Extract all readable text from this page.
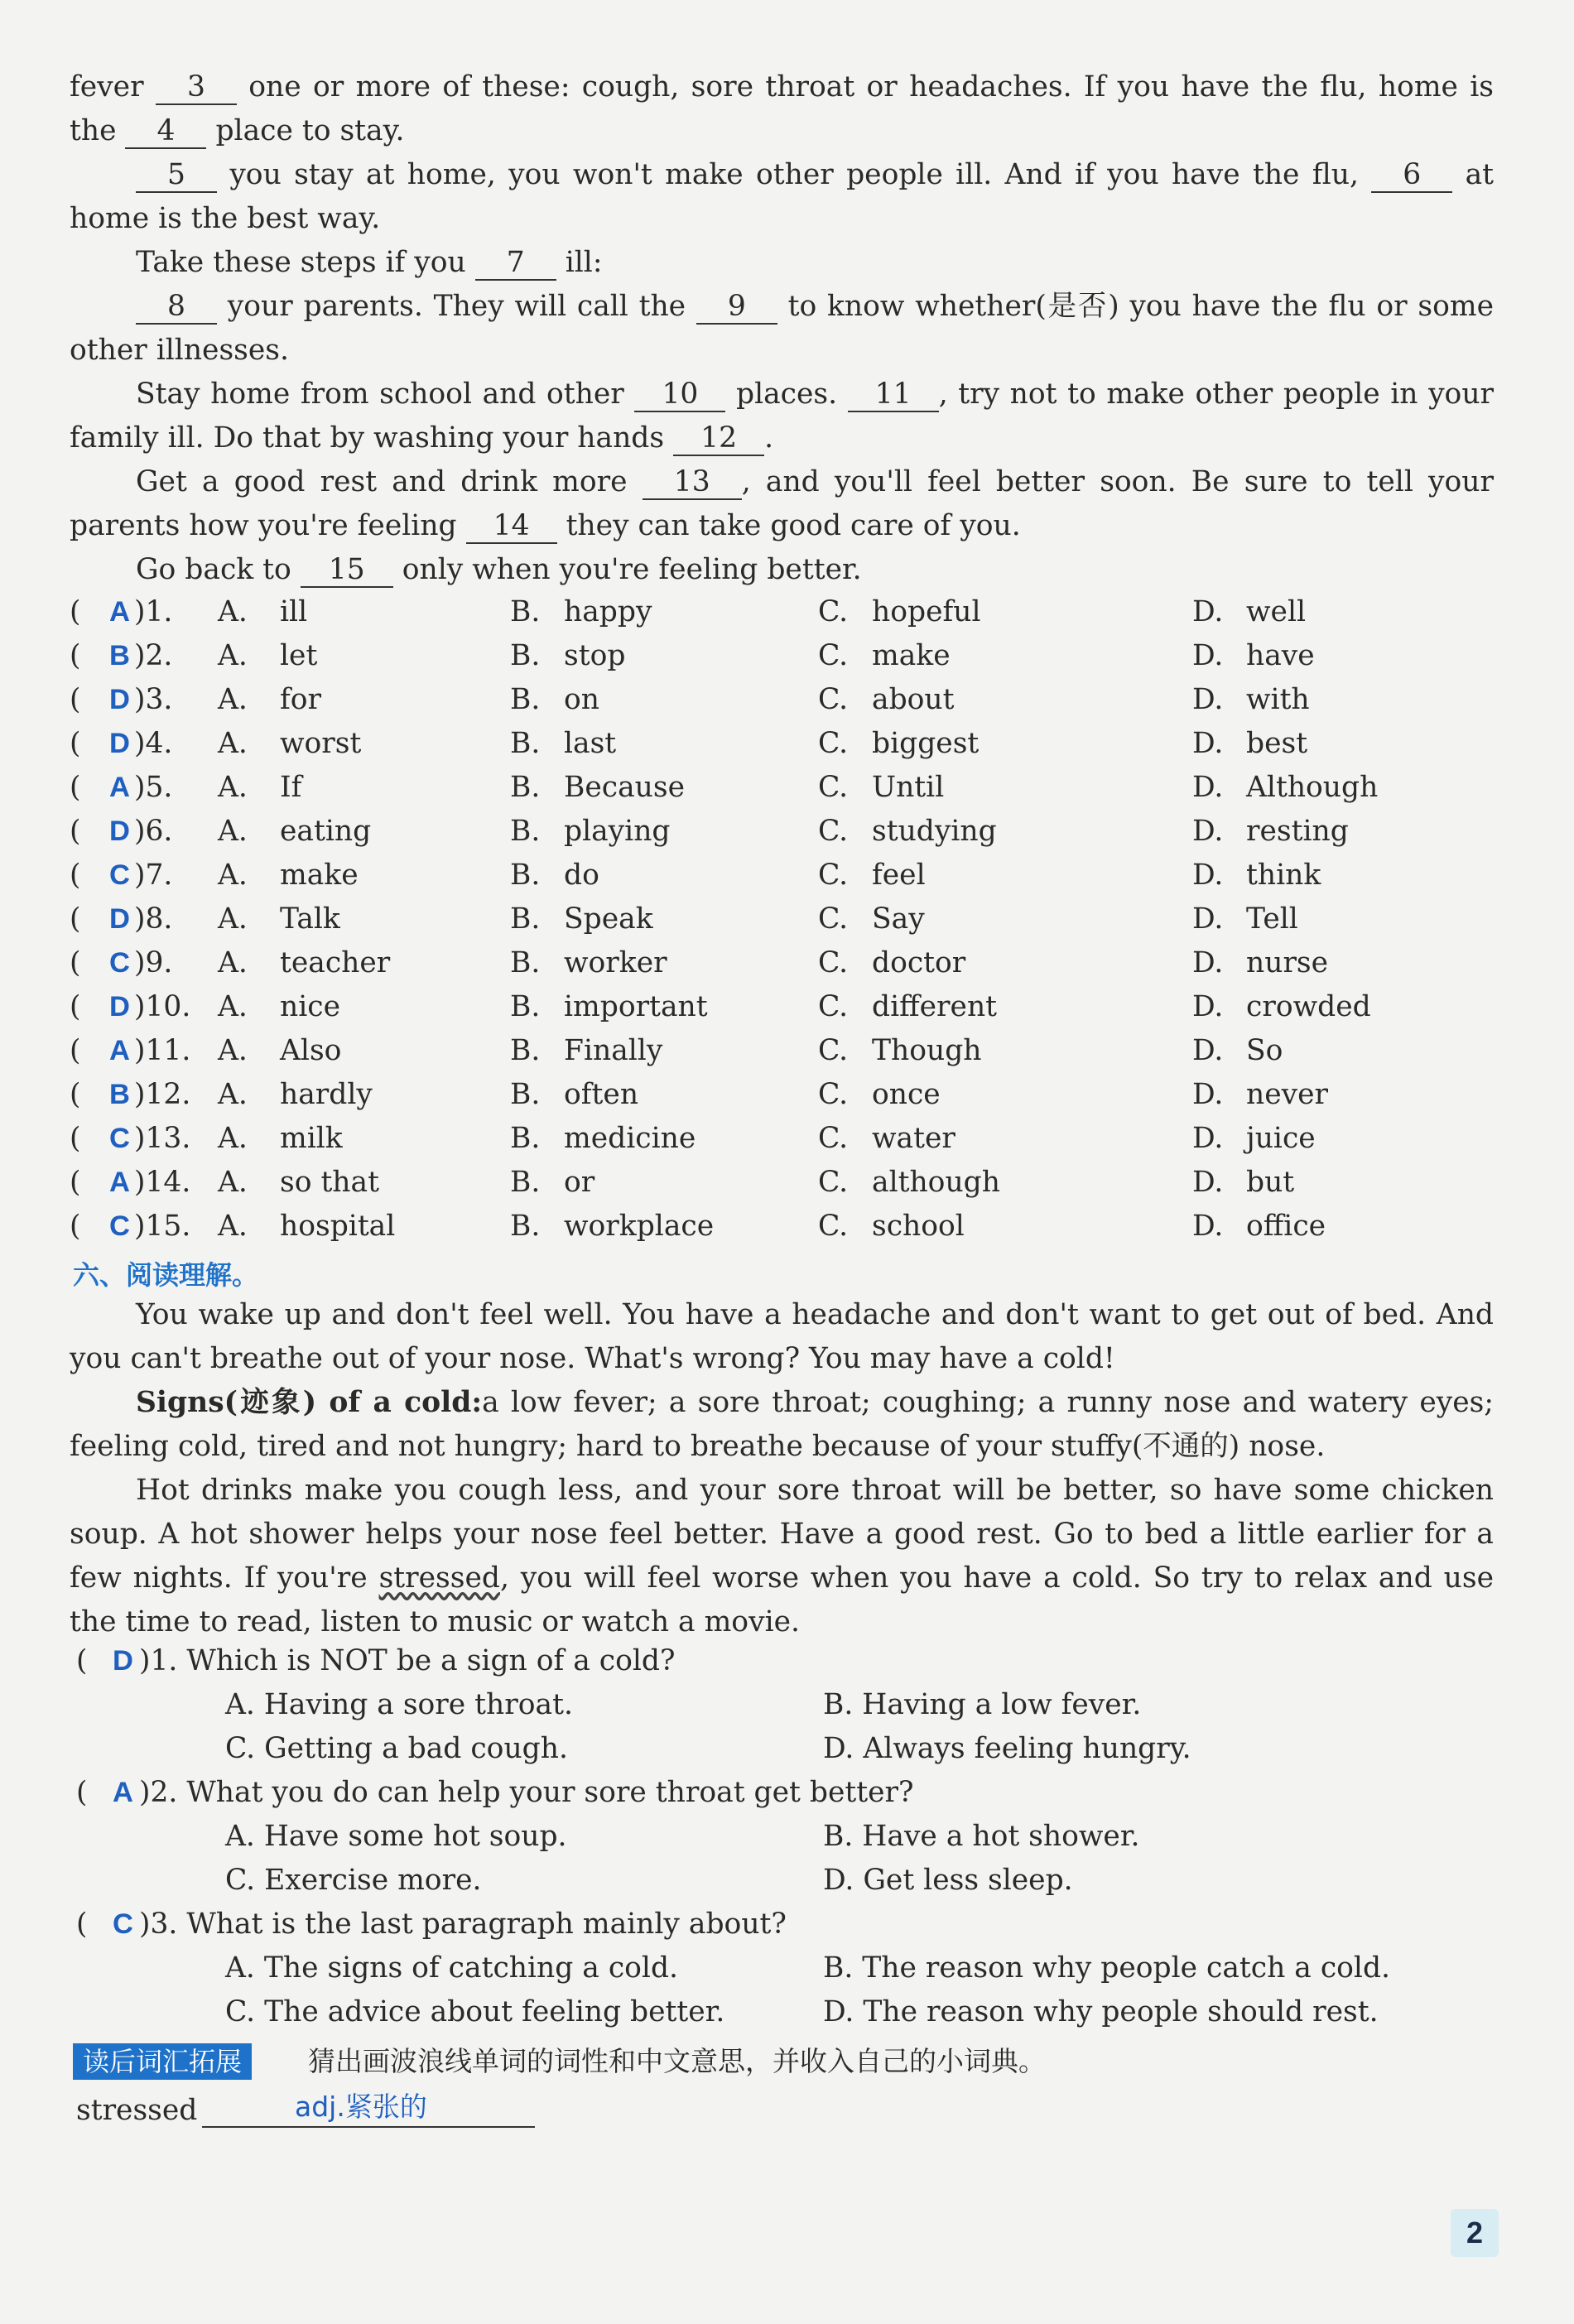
fever 3 one or more of these: cough, sore throat or headaches. If you have the flu, home is the 4 place to stay.
5 you stay at home, you won't make other people ill. And if you have the flu, 6 at home is the best way.
Take these steps if you 7 ill:
8 your parents. They will call the 9 to know whether(是否) you have the flu or some other illnesses.
Stay home from school and other 10 places. 11 , try not to make other people in your family ill. Do that by washing your hands 12 .
Get a good rest and drink more 13 , and you'll feel better soon. Be sure to tell your parents how you're feeling 14 they can take good care of you.
Go back to 15 only when you're feeling better.
( A )1. A. ill	B. happy	C. hopeful	D. well
( B )2. A. let	B. stop	C. make	D. have
( D )3. A. for	B. on	C. about	D. with
( D )4. A. worst	B. last	C. biggest	D. best
( A )5. A. If	B. Because	C. Until	D. Although
( D )6. A. eating	B. playing	C. studying	D. resting
( C )7. A. make	B. do	C. feel	D. think
( D )8. A. Talk	B. Speak	C. Say	D. Tell
( C )9. A. teacher	B. worker	C. doctor	D. nurse
( D )10. A. nice	B. important	C. different	D. crowded
( A )11. A. Also	B. Finally	C. Though	D. So
( B )12. A. hardly	B. often	C. once	D. never
( C )13. A. milk	B. medicine	C. water	D. juice
( A )14. A. so that	B. or	C. although	D. but
( C )15. A. hospital	B. workplace	C. school	D. office
六、阅读理解。
You wake up and don't feel well. You have a headache and don't want to get out of bed. And you can't breathe out of your nose. What's wrong? You may have a cold!
Signs(迹象) of a cold:a low fever; a sore throat; coughing; a runny nose and watery eyes; feeling cold, tired and not hungry; hard to breathe because of your stuffy(不通的) nose.
Hot drinks make you cough less, and your sore throat will be better, so have some chicken soup. A hot shower helps your nose feel better. Have a good rest. Go to bed a little earlier for a few nights. If you're stressed, you will feel worse when you have a cold. So try to relax and use the time to read, listen to music or watch a movie.
( D )1. Which is NOT be a sign of a cold?
A. Having a sore throat.	B. Having a low fever.
C. Getting a bad cough.	D. Always feeling hungry.
( A )2. What you do can help your sore throat get better?
A. Have some hot soup.	B. Have a hot shower.
C. Exercise more.	D. Get less sleep.
( C )3. What is the last paragraph mainly about?
A. The signs of catching a cold.	B. The reason why people catch a cold.
C. The advice about feeling better.	D. The reason why people should rest.
读后词汇拓展	猜出画波浪线单词的词性和中文意思，并收入自己的小词典。
stressed	adj.紧张的
2
